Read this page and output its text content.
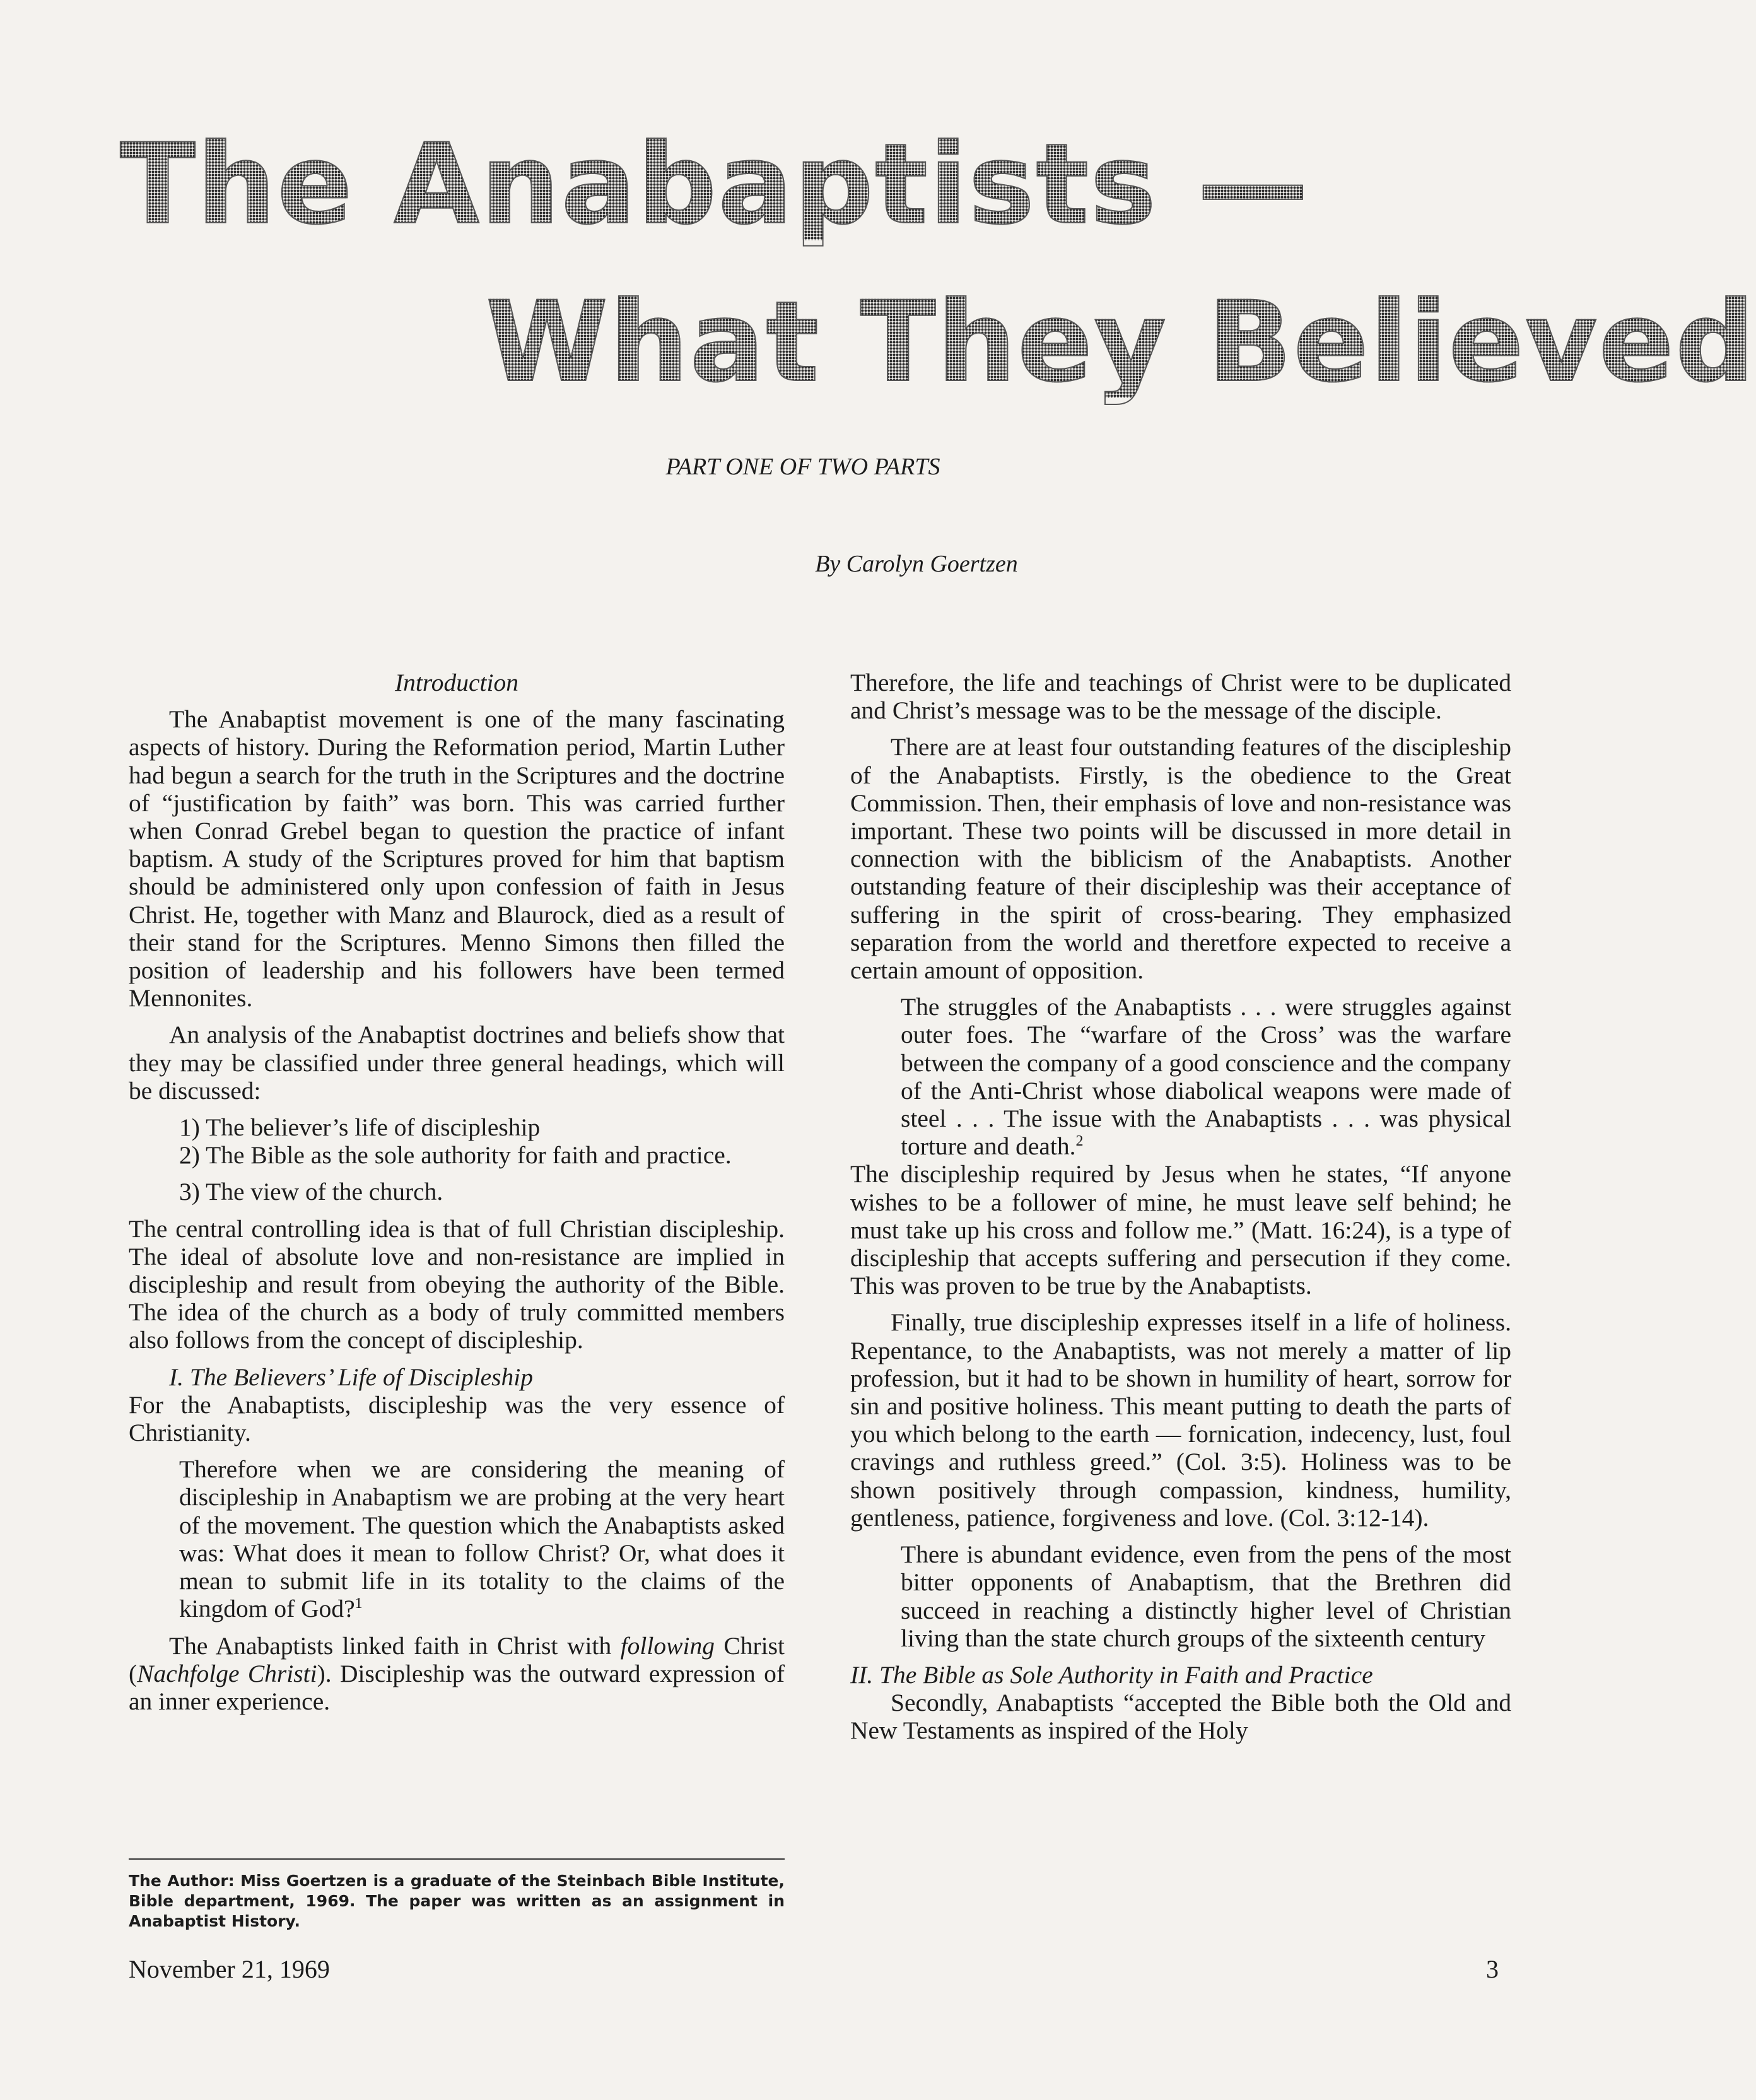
The Anabaptists —
What They Believed
PART ONE OF TWO PARTS
By Carolyn Goertzen

Introduction

The Anabaptist movement is one of the many fascinating aspects of history. During the Reformation period, Martin Luther had begun a search for the truth in the Scriptures and the doctrine of “justification by faith” was born. This was carried further when Conrad Grebel began to question the practice of infant baptism. A study of the Scriptures proved for him that baptism should be administered only upon confession of faith in Jesus Christ. He, together with Manz and Blaurock, died as a result of their stand for the Scriptures. Menno Simons then filled the position of leadership and his followers have been termed Mennonites.

An analysis of the Anabaptist doctrines and beliefs show that they may be classified under three general headings, which will be discussed:

1) The believer’s life of discipleship

2) The Bible as the sole authority for faith and practice.

3) The view of the church.

The central controlling idea is that of full Christian discipleship. The ideal of absolute love and non-resistance are implied in discipleship and result from obeying the authority of the Bible. The idea of the church as a body of truly committed members also follows from the concept of discipleship.

I. The Believers’ Life of Discipleship

For the Anabaptists, discipleship was the very essence of Christianity.

Therefore when we are considering the meaning of discipleship in Anabaptism we are probing at the very heart of the movement. The question which the Anabaptists asked was: What does it mean to follow Christ? Or, what does it mean to submit life in its totality to the claims of the kingdom of God?$^1$

The Anabaptists linked faith in Christ with following Christ (Nachfolge Christi). Discipleship was the outward expression of an inner experience.

The Author: Miss Goertzen is a graduate of the Steinbach Bible Institute, Bible department, 1969. The paper was written as an assignment in Anabaptist History.

Therefore, the life and teachings of Christ were to be duplicated and Christ’s message was to be the message of the disciple.

There are at least four outstanding features of the discipleship of the Anabaptists. Firstly, is the obedience to the Great Commission. Then, their emphasis of love and non-resistance was important. These two points will be discussed in more detail in connection with the biblicism of the Anabaptists. Another outstanding feature of their discipleship was their acceptance of suffering in the spirit of cross-bearing. They emphasized separation from the world and theretfore expected to receive a certain amount of opposition.

The struggles of the Anabaptists . . . were struggles against outer foes. The “warfare of the Cross’ was the warfare between the company of a good conscience and the company of the Anti-Christ whose diabolical weapons were made of steel . . . The issue with the Anabaptists . . . was physical torture and death.$^2$

The discipleship required by Jesus when he states, “If anyone wishes to be a follower of mine, he must leave self behind; he must take up his cross and follow me.” (Matt. 16:24), is a type of discipleship that accepts suffering and persecution if they come. This was proven to be true by the Anabaptists.

Finally, true discipleship expresses itself in a life of holiness. Repentance, to the Anabaptists, was not merely a matter of lip profession, but it had to be shown in humility of heart, sorrow for sin and positive holiness. This meant putting to death the parts of you which belong to the earth — fornication, indecency, lust, foul cravings and ruthless greed.” (Col. 3:5). Holiness was to be shown positively through compassion, kindness, humility, gentleness, patience, forgiveness and love. (Col. 3:12-14).

There is abundant evidence, even from the pens of the most bitter opponents of Anabaptism, that the Brethren did succeed in reaching a distinctly higher level of Christian living than the state church groups of the sixteenth century

II. The Bible as Sole Authority in Faith and Practice

Secondly, Anabaptists “accepted the Bible both the Old and New Testaments as inspired of the Holy

November 21, 1969	3
